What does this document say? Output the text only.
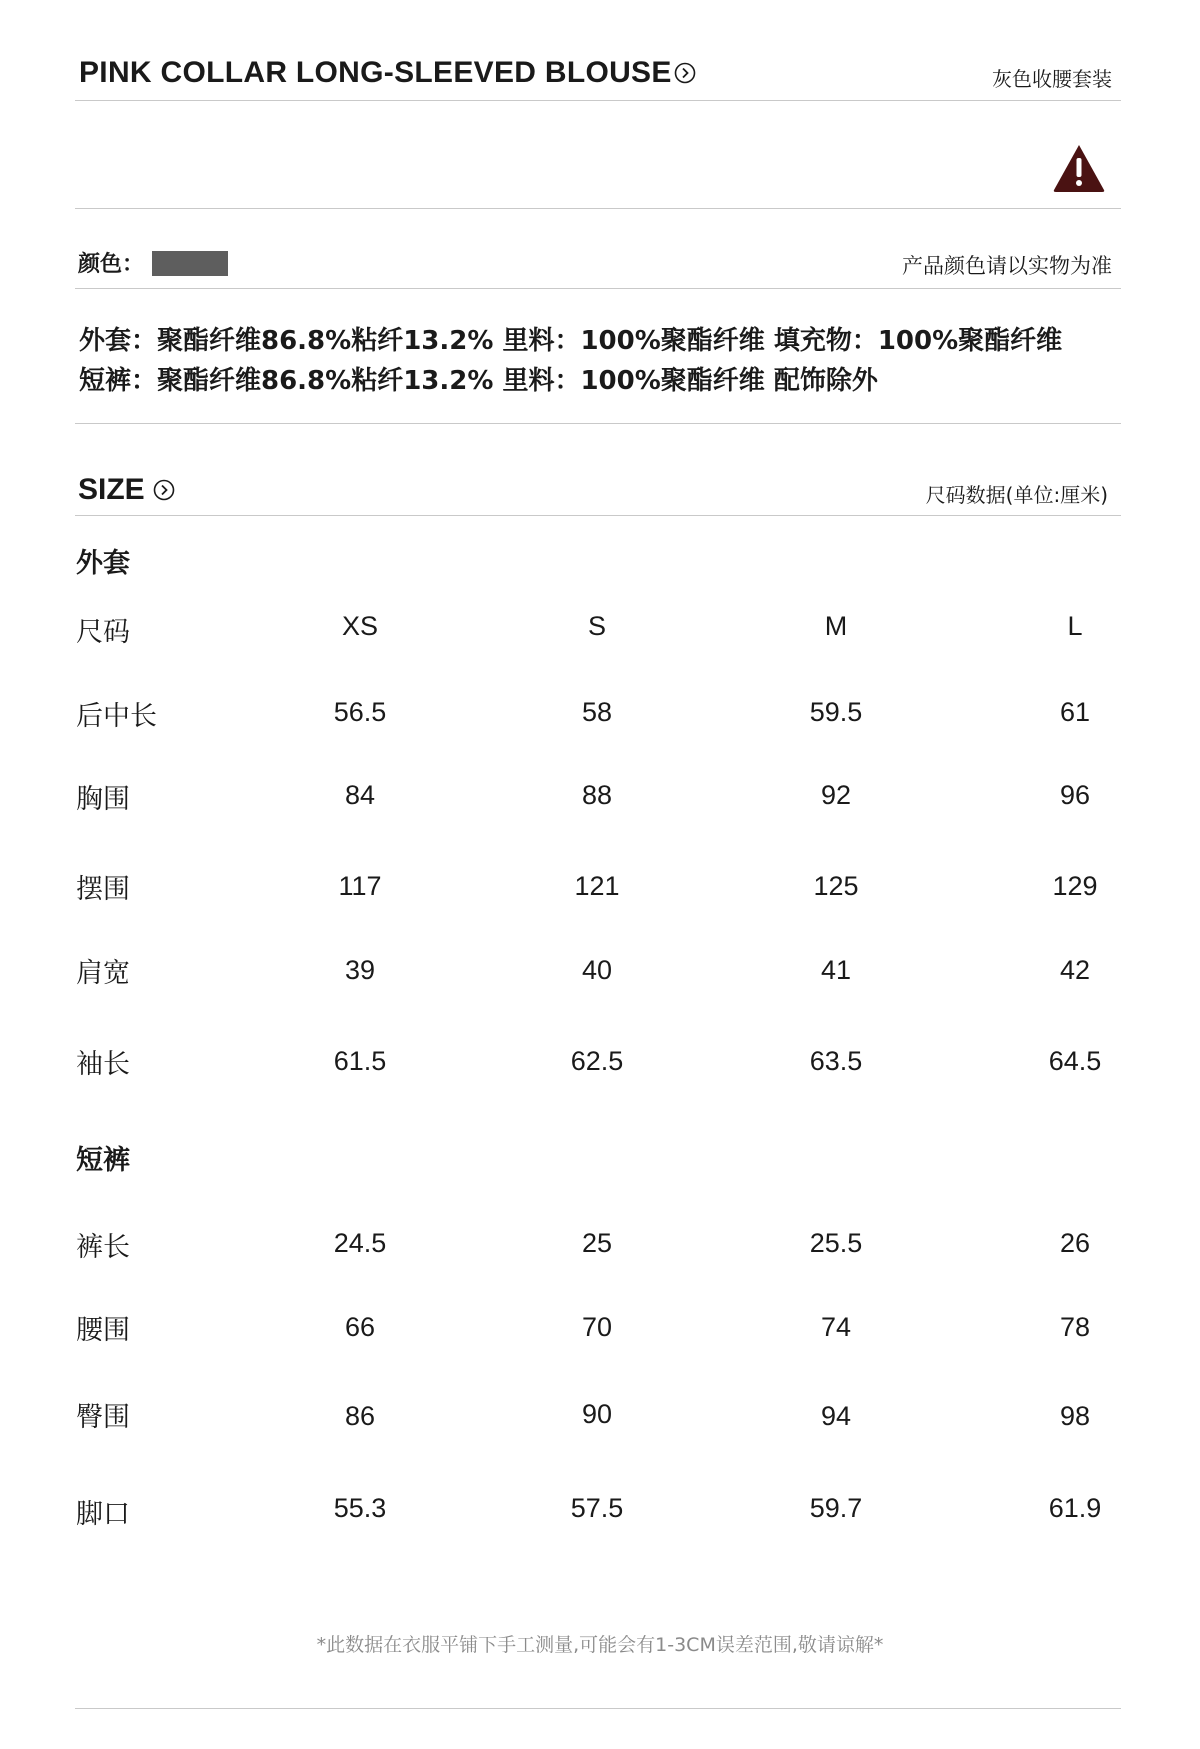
PINK COLLAR LONG-SLEEVED BLOUSE	灰色收腰套装
颜色：	产品颜色请以实物为准
外套：聚酯纤维86.8%粘纤13.2% 里料：100%聚酯纤维 填充物：100%聚酯纤维
短裤：聚酯纤维86.8%粘纤13.2% 里料：100%聚酯纤维 配饰除外
SIZE	尺码数据(单位:厘米)
外套
尺码	XS	S	M	L
后中长	56.5	58	59.5	61
胸围	84	88	92	96
摆围	117	121	125	129
肩宽	39	40	41	42
袖长	61.5	62.5	63.5	64.5
短裤
裤长	24.5	25	25.5	26
腰围	66	70	74	78
臀围	86	90	94	98
脚口	55.3	57.5	59.7	61.9
*此数据在衣服平铺下手工测量,可能会有1-3CM误差范围,敬请谅解*
